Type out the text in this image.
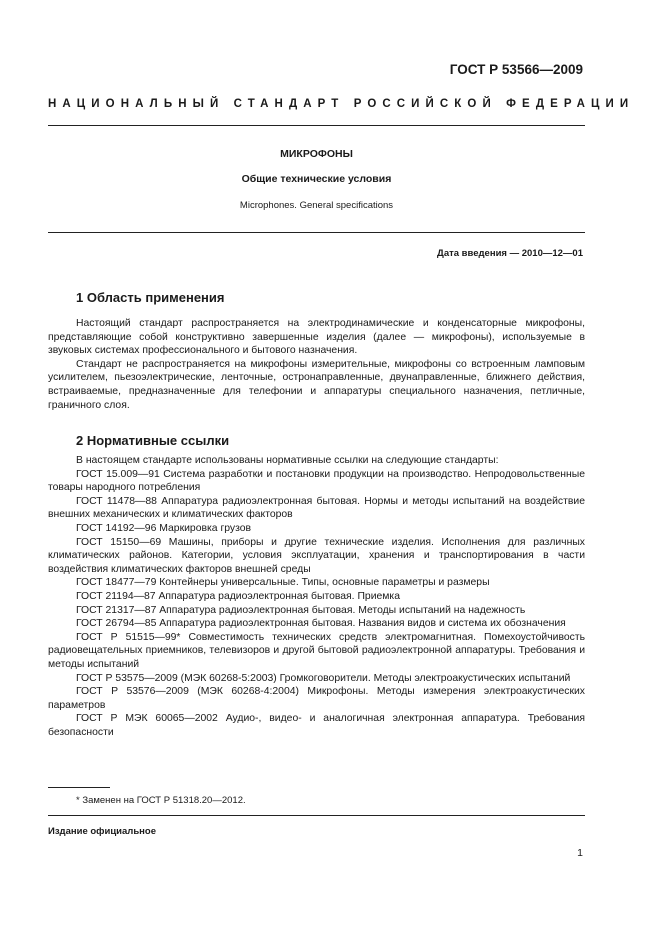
ГОСТ Р 53566—2009
НАЦИОНАЛЬНЫЙ СТАНДАРТ РОССИЙСКОЙ ФЕДЕРАЦИИ
МИКРОФОНЫ
Общие технические условия
Microphones. General specifications
Дата введения — 2010—12—01
1 Область применения

Настоящий стандарт распространяется на электродинамические и конденсаторные микрофоны, представляющие собой конструктивно завершенные изделия (далее — микрофоны), используемые в звуковых системах профессионального и бытового назначения.

Стандарт не распространяется на микрофоны измерительные, микрофоны со встроенным ламповым усилителем, пьезоэлектрические, ленточные, остронаправленные, двунаправленные, ближнего действия, встраиваемые, предназначенные для телефонии и аппаратуры специального назначения, петличные, граничного слоя.

2 Нормативные ссылки

В настоящем стандарте использованы нормативные ссылки на следующие стандарты:

ГОСТ 15.009—91 Система разработки и постановки продукции на производство. Непродовольственные товары народного потребления

ГОСТ 11478—88 Аппаратура радиоэлектронная бытовая. Нормы и методы испытаний на воздействие внешних механических и климатических факторов

ГОСТ 14192—96 Маркировка грузов

ГОСТ 15150—69 Машины, приборы и другие технические изделия. Исполнения для различных климатических районов. Категории, условия эксплуатации, хранения и транспортирования в части воздействия климатических факторов внешней среды

ГОСТ 18477—79 Контейнеры универсальные. Типы, основные параметры и размеры

ГОСТ 21194—87 Аппаратура радиоэлектронная бытовая. Приемка

ГОСТ 21317—87 Аппаратура радиоэлектронная бытовая. Методы испытаний на надежность

ГОСТ 26794—85 Аппаратура радиоэлектронная бытовая. Названия видов и система их обозначения

ГОСТ Р 51515—99* Совместимость технических средств электромагнитная. Помехоустойчивость радиовещательных приемников, телевизоров и другой бытовой радиоэлектронной аппаратуры. Требования и методы испытаний

ГОСТ Р 53575—2009 (МЭК 60268-5:2003) Громкоговорители. Методы электроакустических испытаний

ГОСТ Р 53576—2009 (МЭК 60268-4:2004) Микрофоны. Методы измерения электроакустических параметров

ГОСТ Р МЭК 60065—2002 Аудио-, видео- и аналогичная электронная аппаратура. Требования безопасности

* Заменен на ГОСТ Р 51318.20—2012.
Издание официальное
1
